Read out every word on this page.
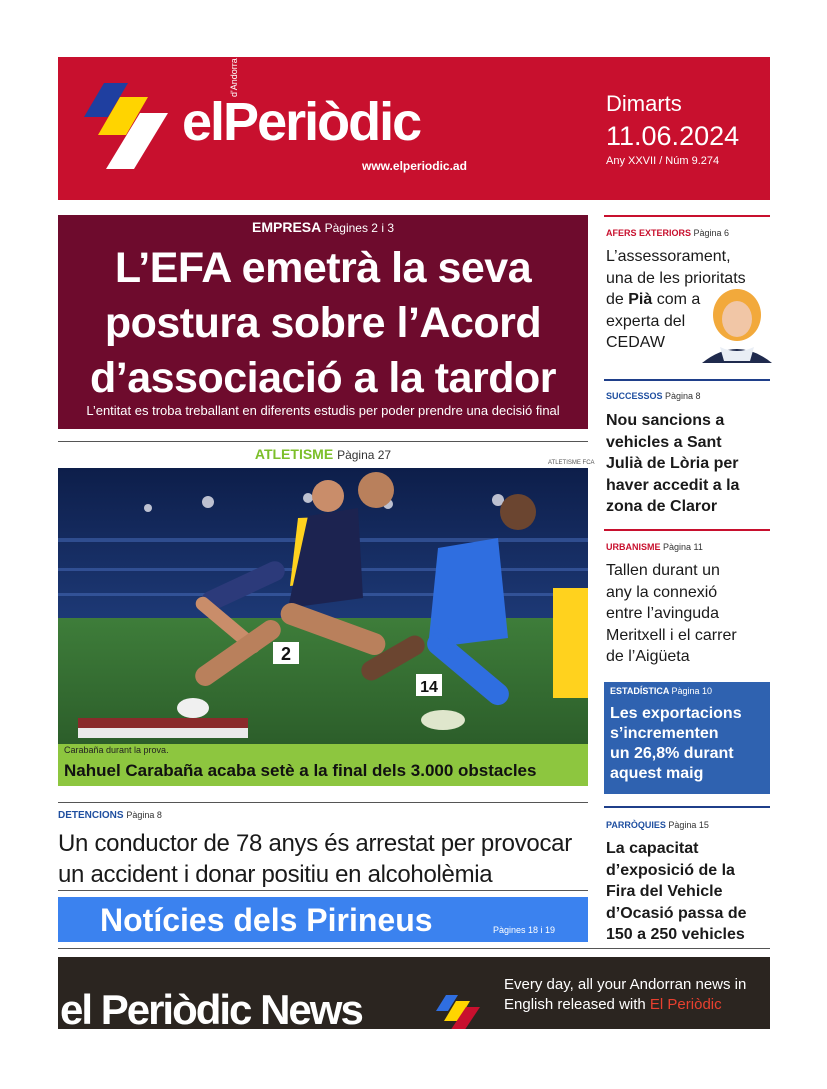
elPeriòdic
d'Andorra
www.elperiodic.ad
Dimarts
11.06.2024
Any XXVII / Núm 9.274
EMPRESA Pàgines 2 i 3
L’EFA emetrà la seva
postura sobre l’Acord
d’associació a la tardor
L’entitat es troba treballant en diferents estudis per poder prendre una decisió final
ATLETISME Pàgina 27
ATLETISME FCA
2
14
Carabaña durant la prova.
Nahuel Carabaña acaba setè a la final dels 3.000 obstacles
DETENCIONS Pàgina 8
Un conductor de 78 anys és arrestat per provocar
un accident i donar positiu en alcoholèmia
Notícies dels Pirineus	Pàgines 18 i 19
AFERS EXTERIORS Pàgina 6
L’assessorament,
una de les prioritats
de Pià com a
experta del
CEDAW
SUCCESSOS Pàgina 8
Nou sancions a
vehicles a Sant
Julià de Lòria per
haver accedit a la
zona de Claror
URBANISME Pàgina 11
Tallen durant un
any la connexió
entre l’avinguda
Meritxell i el carrer
de l’Aigüeta
ESTADÍSTICA Pàgina 10
Les exportacions
s’incrementen
un 26,8% durant
aquest maig
PARRÒQUIES Pàgina 15
La capacitat
d’exposició de la
Fira del Vehicle
d’Ocasió passa de
150 a 250 vehicles
el Periòdic News
Every day, all your Andorran news in
English released with El Periòdic
